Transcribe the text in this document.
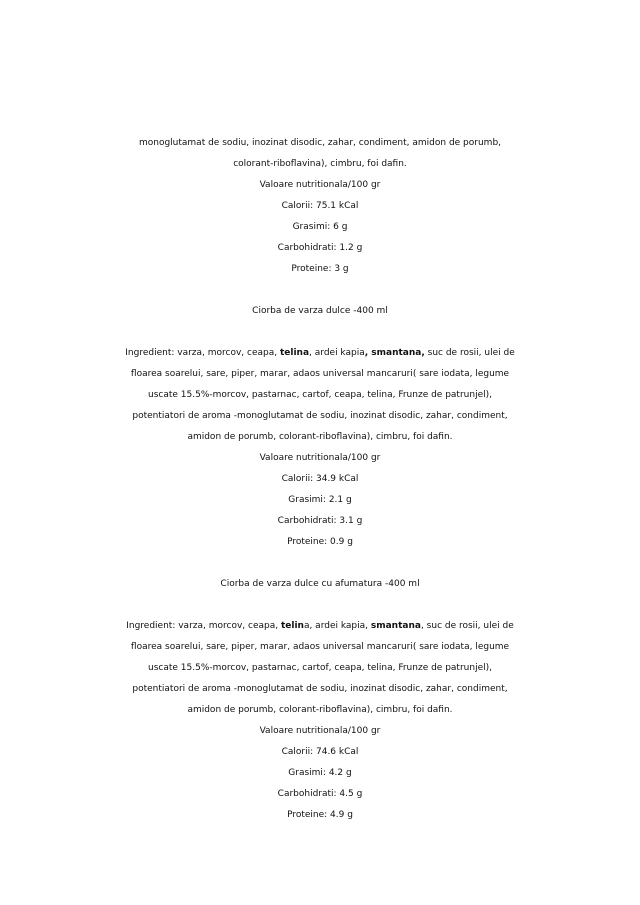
monoglutamat de sodiu, inozinat disodic, zahar, condiment, amidon de porumb,
colorant-riboflavina), cimbru, foi dafin.
Valoare nutritionala/100 gr
Calorii: 75.1 kCal
Grasimi: 6 g
Carbohidrati: 1.2 g
Proteine: 3 g
Ciorba de varza dulce -400 ml
Ingredient: varza, morcov, ceapa, telina, ardei kapia, smantana, suc de rosii, ulei de
floarea soarelui, sare, piper, marar, adaos universal mancaruri( sare iodata, legume
uscate 15.5%-morcov, pastarnac, cartof, ceapa, telina, Frunze de patrunjel),
potentiatori de aroma -monoglutamat de sodiu, inozinat disodic, zahar, condiment,
amidon de porumb, colorant-riboflavina), cimbru, foi dafin.
Valoare nutritionala/100 gr
Calorii: 34.9 kCal
Grasimi: 2.1 g
Carbohidrati: 3.1 g
Proteine: 0.9 g
Ciorba de varza dulce cu afumatura -400 ml
Ingredient: varza, morcov, ceapa, telina, ardei kapia, smantana, suc de rosii, ulei de
floarea soarelui, sare, piper, marar, adaos universal mancaruri( sare iodata, legume
uscate 15.5%-morcov, pastarnac, cartof, ceapa, telina, Frunze de patrunjel),
potentiatori de aroma -monoglutamat de sodiu, inozinat disodic, zahar, condiment,
amidon de porumb, colorant-riboflavina), cimbru, foi dafin.
Valoare nutritionala/100 gr
Calorii: 74.6 kCal
Grasimi: 4.2 g
Carbohidrati: 4.5 g
Proteine: 4.9 g
